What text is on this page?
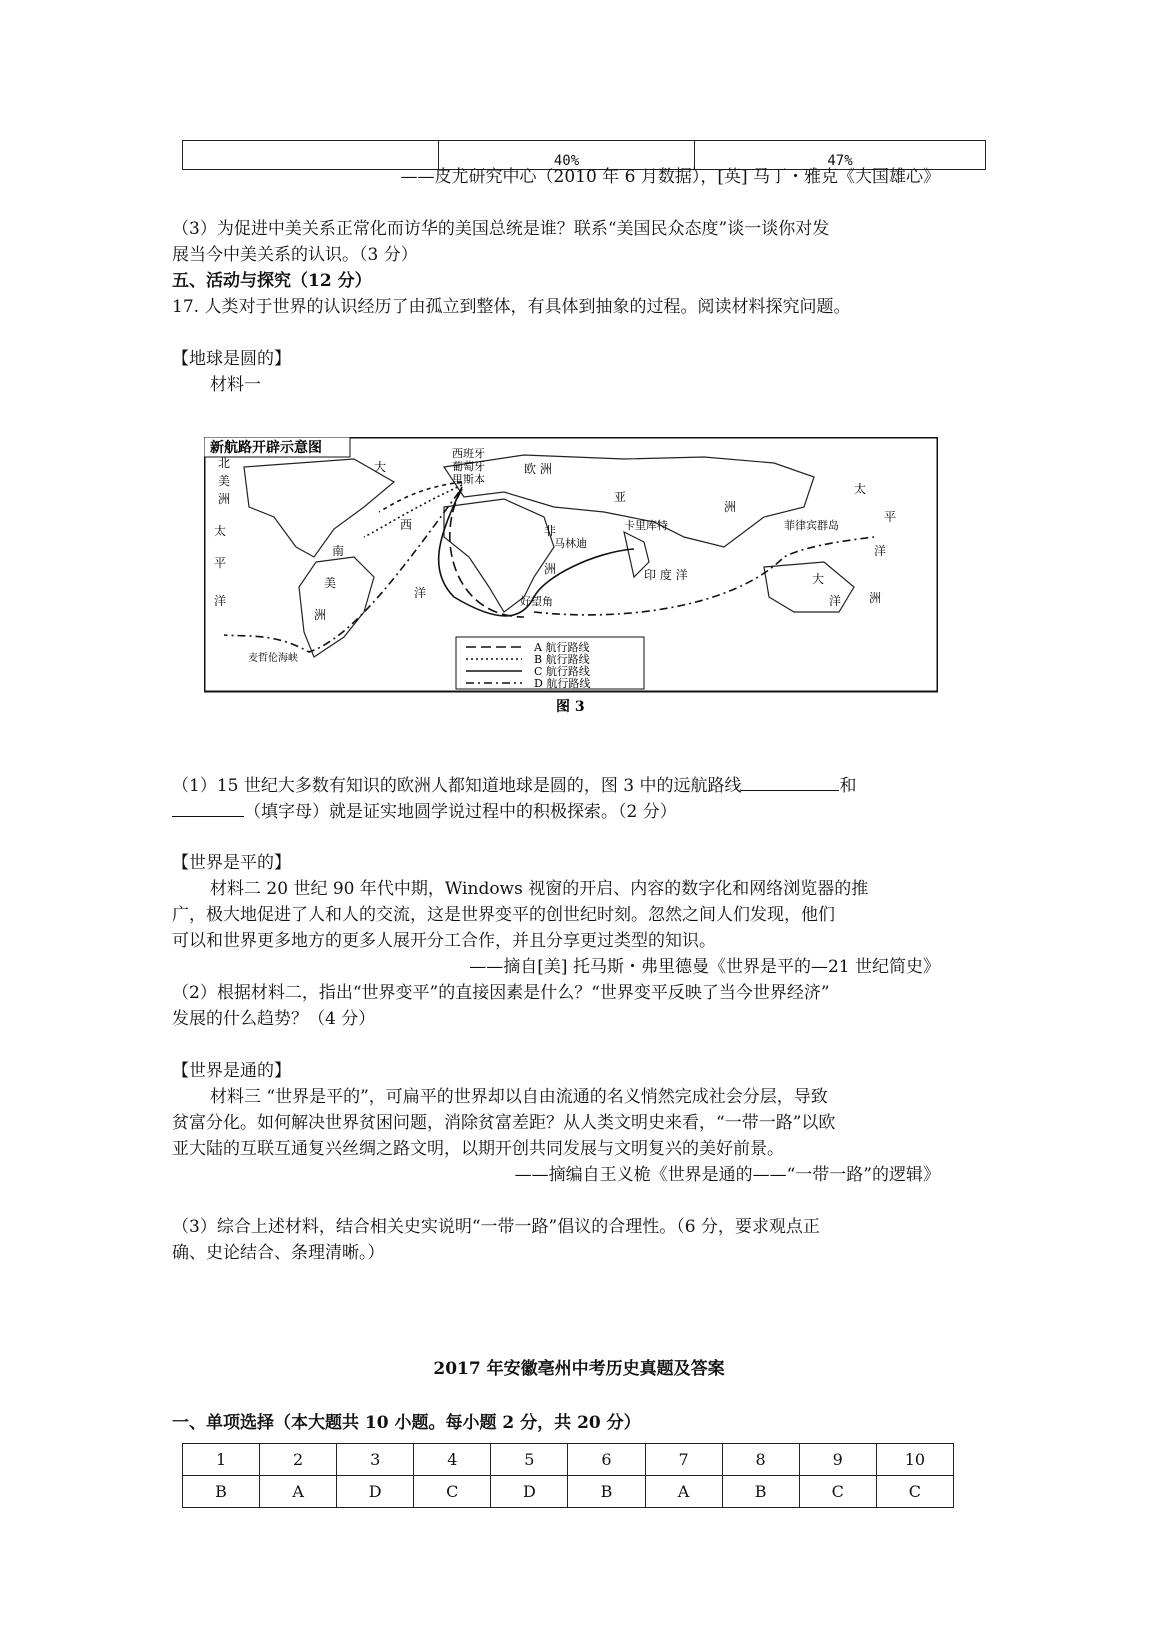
	40%	47%
——皮尤研究中心（2010 年 6 月数据），[英] 马丁・雅克《大国雄心》
（3）为促进中美关系正常化而访华的美国总统是谁？联系“美国民众态度”谈一谈你对发
展当今中美关系的认识。（3 分）
五、活动与探究（12 分）
17. 人类对于世界的认识经历了由孤立到整体，有具体到抽象的过程。阅读材料探究问题。
【地球是圆的】
材料一
新航路开辟示意图
北
美
洲
太
平
洋
大
西
洋
欧 洲
西班牙
葡萄牙
里斯本
亚
洲
太
平
洋
非
洲
卡里库特
马林迪
菲律宾群岛
印 度 洋	大
洋 洲
南
美
洲
好望角
麦哲伦海峡
A 航行路线
B 航行路线
C 航行路线
D 航行路线
图 3
（1）15 世纪大多数有知识的欧洲人都知道地球是圆的，图 3 中的远航路线	和
（填字母）就是证实地圆学说过程中的积极探索。（2 分）
【世界是平的】
材料二 20 世纪 90 年代中期，Windows 视窗的开启、内容的数字化和网络浏览器的推
广，极大地促进了人和人的交流，这是世界变平的创世纪时刻。忽然之间人们发现，他们
可以和世界更多地方的更多人展开分工合作，并且分享更过类型的知识。
——摘自[美] 托马斯・弗里德曼《世界是平的—21 世纪简史》
（2）根据材料二，指出“世界变平”的直接因素是什么？“世界变平反映了当今世界经济”
发展的什么趋势？（4 分）
【世界是通的】
材料三 “世界是平的”，可扁平的世界却以自由流通的名义悄然完成社会分层，导致
贫富分化。如何解决世界贫困问题，消除贫富差距？从人类文明史来看，“一带一路”以欧
亚大陆的互联互通复兴丝绸之路文明，以期开创共同发展与文明复兴的美好前景。
——摘编自王义桅《世界是通的——“一带一路”的逻辑》
（3）综合上述材料，结合相关史实说明“一带一路”倡议的合理性。（6 分，要求观点正
确、史论结合、条理清晰。）
2017 年安徽亳州中考历史真题及答案
一、单项选择（本大题共 10 小题。每小题 2 分，共 20 分）
1	2	3	4	5	6	7	8	9	10
B	A	D	C	D	B	A	B	C	C
